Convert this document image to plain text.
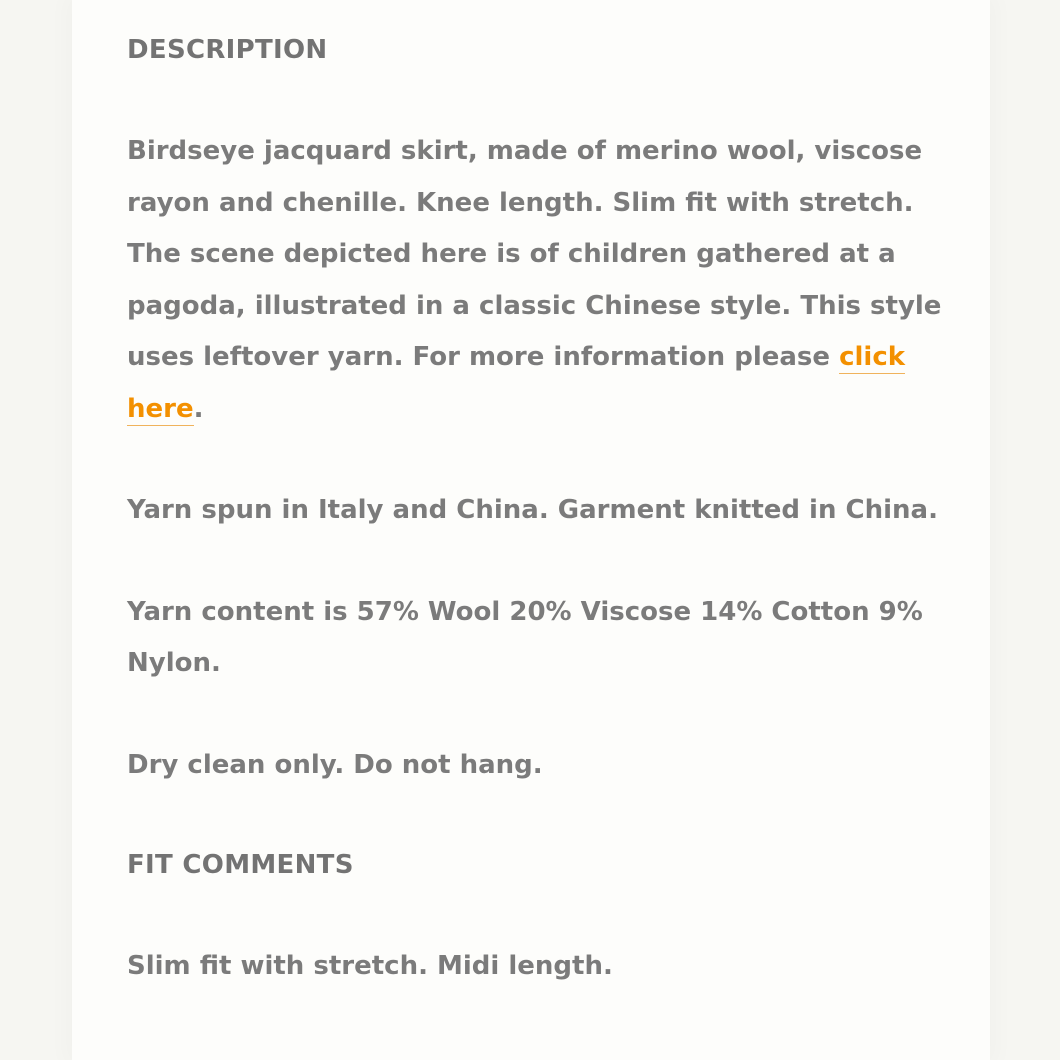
DESCRIPTION

Birdseye jacquard skirt, made of merino wool, viscose rayon and chenille. Knee length. Slim fit with stretch. The scene depicted here is of children gathered at a pagoda, illustrated in a classic Chinese style. This style uses leftover yarn. For more information please click here.

Yarn spun in Italy and China. Garment knitted in China.

Yarn content is 57% Wool 20% Viscose 14% Cotton 9% Nylon.

Dry clean only. Do not hang.

FIT COMMENTS

Slim fit with stretch. Midi length.
